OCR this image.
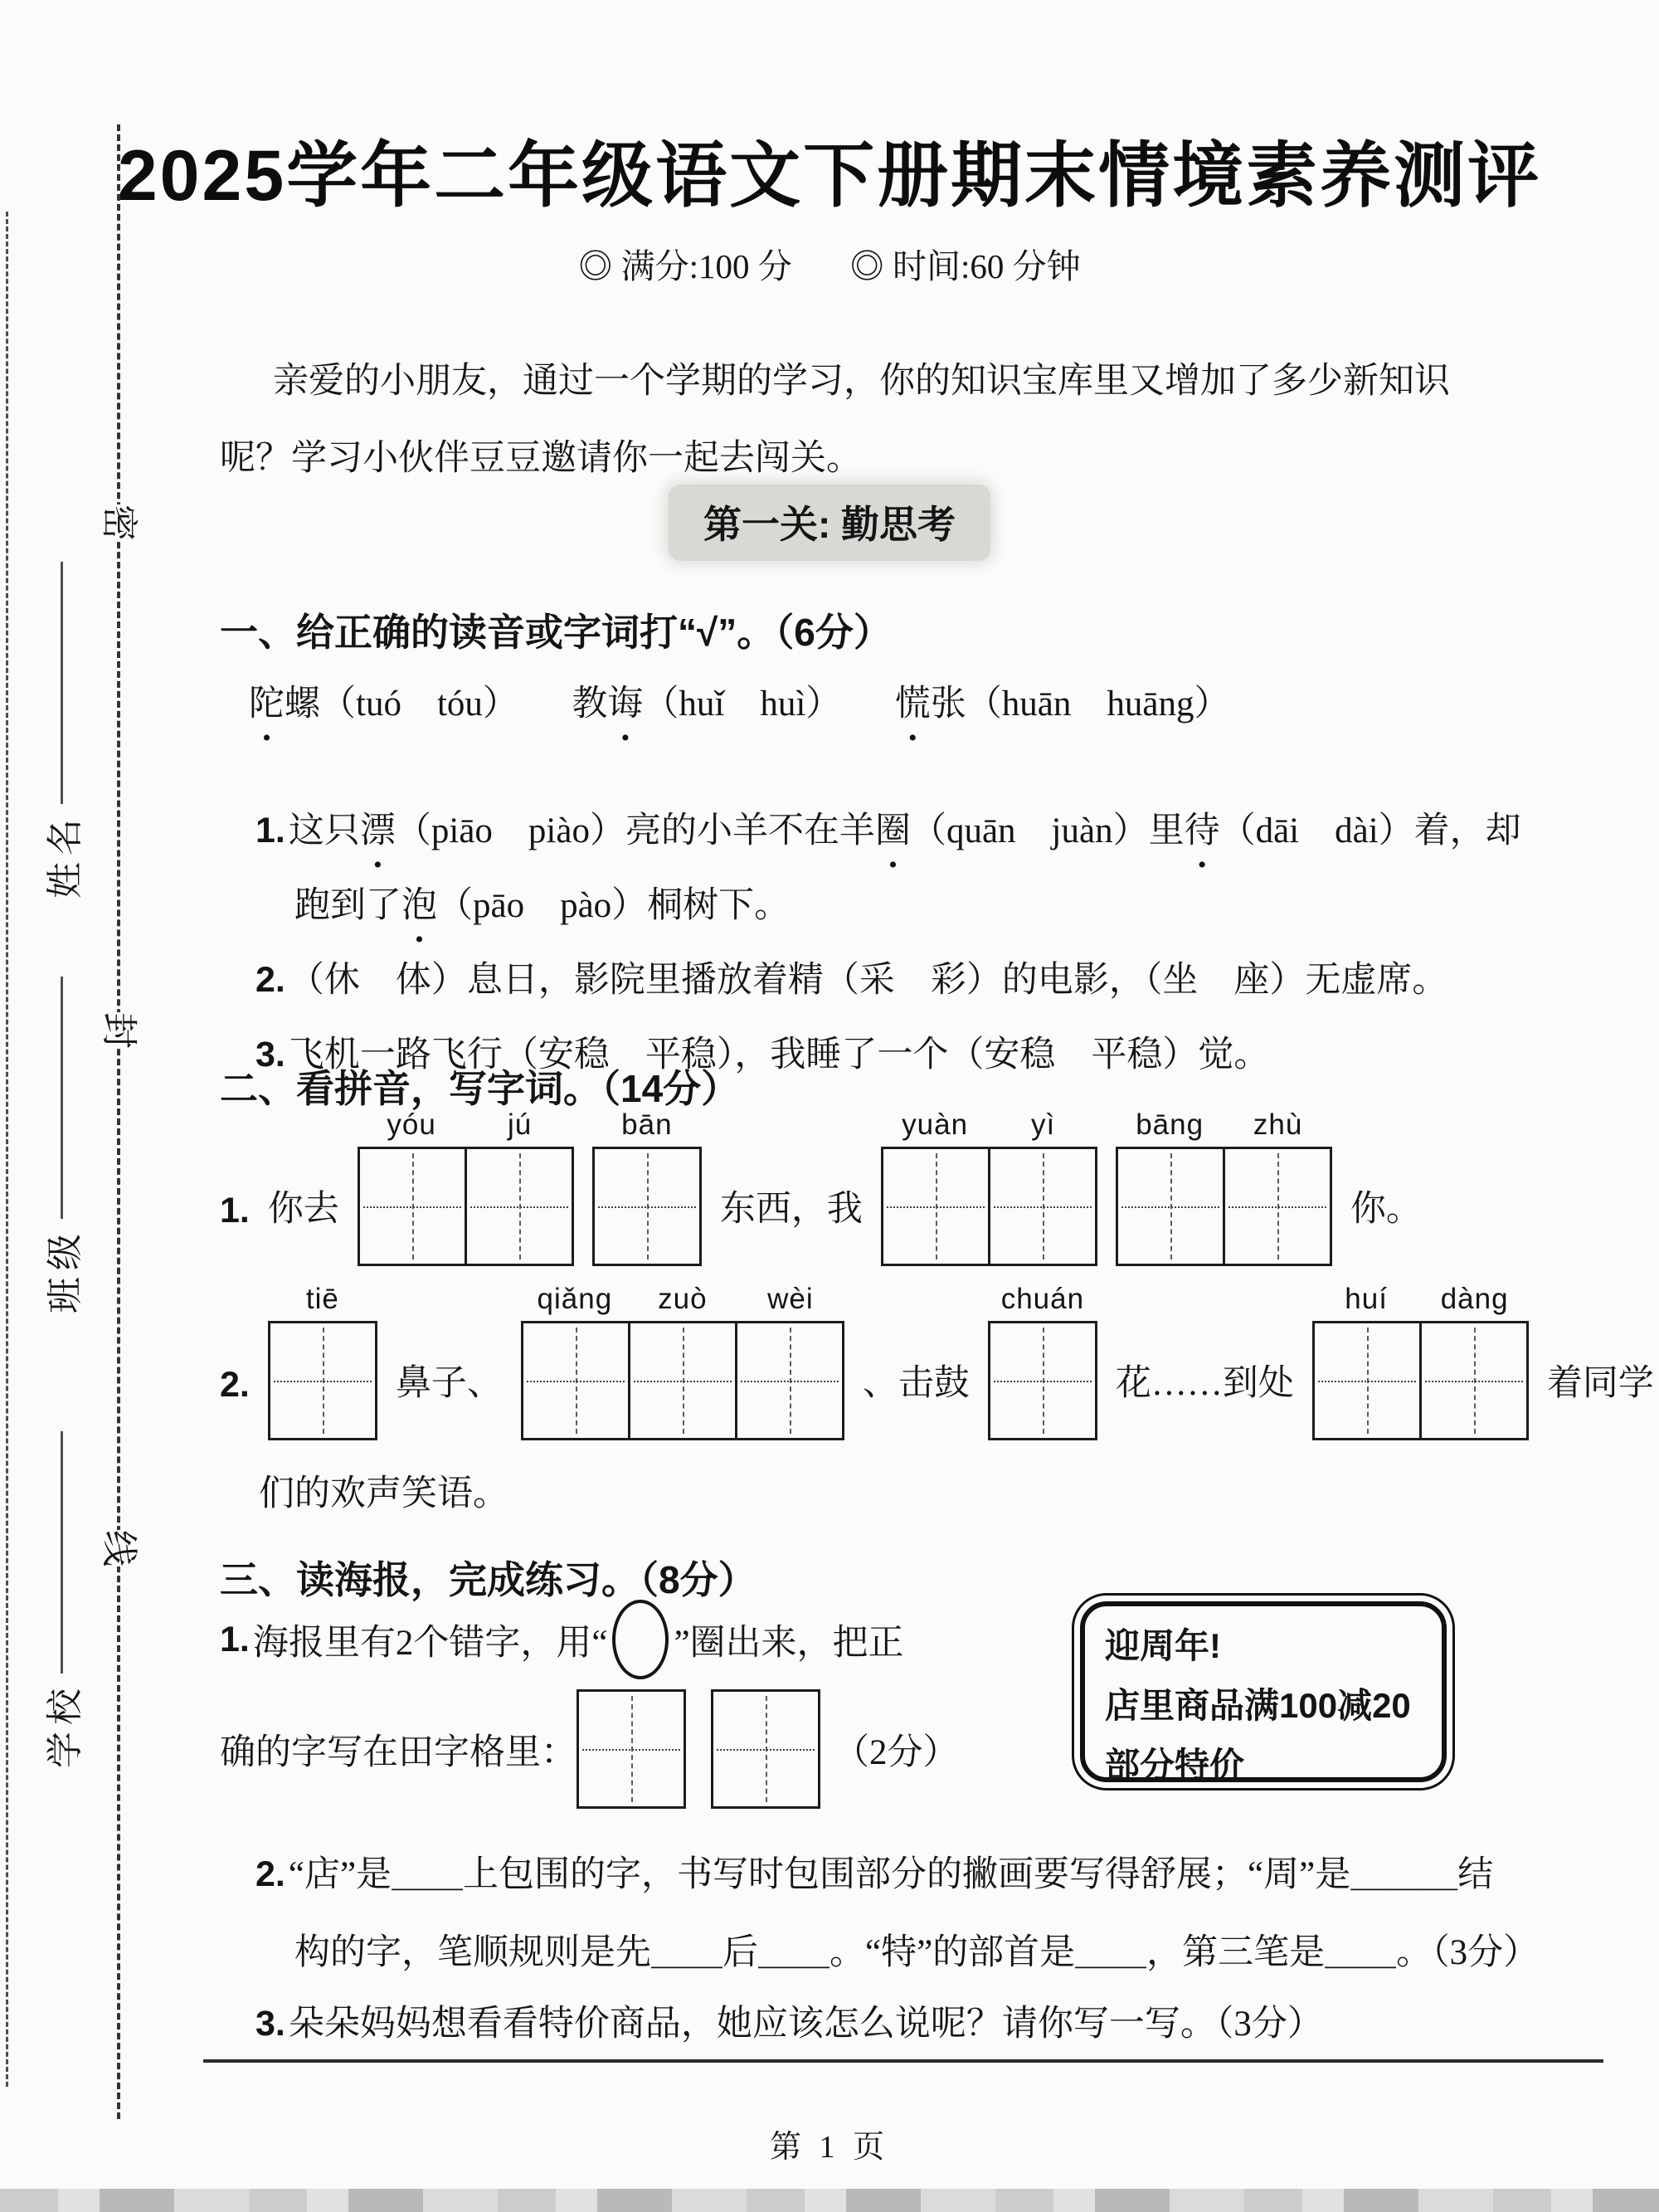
密
封
线
姓名
班级
学校
2025学年二年级语文下册期末情境素养测评
◎ 满分:100 分 ◎ 时间:60 分钟
亲爱的小朋友，通过一个学期的学习，你的知识宝库里又增加了多少新知识
呢？学习小伙伴豆豆邀请你一起去闯关。
第一关: 勤思考
一、给正确的读音或字词打“√”。（6分）
陀螺（tuó　tóu）　　教诲（huǐ　huì）　　慌张（huān　huāng）

1.这只漂（piāo　piào）亮的小羊不在羊圈（quān　juàn）里待（dāi　dài）着，却

跑到了泡（pāo　pào）桐树下。

2.（休　体）息日，影院里播放着精（采　彩）的电影，（坐　座）无虚席。

3.飞机一路飞行（安稳　平稳），我睡了一个（安稳　平稳）觉。

二、看拼音，写字词。（14分）
1. 你去
yóu	jú	bān
东西，我
yuàn	yì	bāng	zhù
你。
2.
tiē
鼻子、
qiǎng	zuò	wèi
、击鼓
chuán
花……到处
huí	dàng
着同学
们的欢声笑语。
三、读海报，完成练习。（8分）
1. 海报里有2个错字，用“ ○ ”圈出来，把正
确的字写在田字格里：	（2分）
迎周年!
店里商品满100减20
部分特价

2.“店”是＿＿上包围的字，书写时包围部分的撇画要写得舒展；“周”是＿＿＿结

构的字，笔顺规则是先＿＿后＿＿。“特”的部首是＿＿，第三笔是＿＿。（3分）

3.朵朵妈妈想看看特价商品，她应该怎么说呢？请你写一写。（3分）

第 1 页
